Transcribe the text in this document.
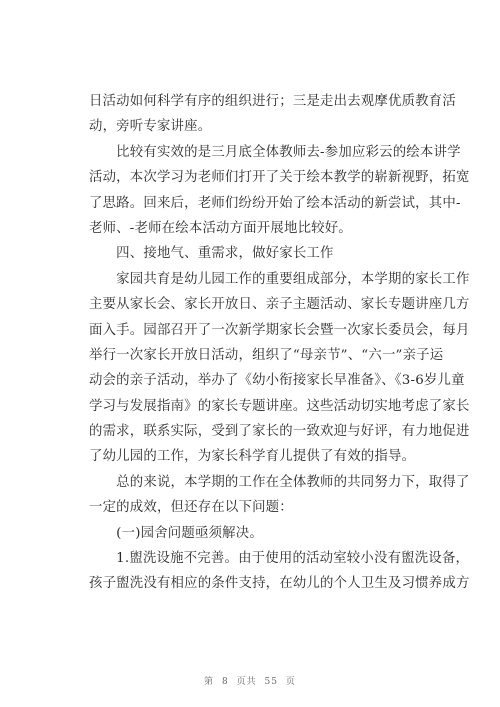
日活动如何科学有序的组织进行；三是走出去观摩优质教育活
动，旁听专家讲座。
　　比较有实效的是三月底全体教师去-参加应彩云的绘本讲学
活动，本次学习为老师们打开了关于绘本教学的崭新视野，拓宽
了思路。回来后，老师们纷纷开始了绘本活动的新尝试，其中-
老师、-老师在绘本活动方面开展地比较好。
　　四、接地气、重需求，做好家长工作
　　家园共育是幼儿园工作的重要组成部分，本学期的家长工作
主要从家长会、家长开放日、亲子主题活动、家长专题讲座几方
面入手。园部召开了一次新学期家长会暨一次家长委员会，每月
举行一次家长开放日活动，组织了“母亲节”、“六一”亲子运
动会的亲子活动，举办了《幼小衔接家长早准备》、《3-6岁儿童
学习与发展指南》的家长专题讲座。这些活动切实地考虑了家长
的需求，联系实际，受到了家长的一致欢迎与好评，有力地促进
了幼儿园的工作，为家长科学育儿提供了有效的指导。
　　总的来说，本学期的工作在全体教师的共同努力下，取得了
一定的成效，但还存在以下问题：
　　(一)园舍问题亟须解决。
　　1.盥洗设施不完善。由于使用的活动室较小没有盥洗设备，
孩子盥洗没有相应的条件支持，在幼儿的个人卫生及习惯养成方
第 8 页共 55 页
